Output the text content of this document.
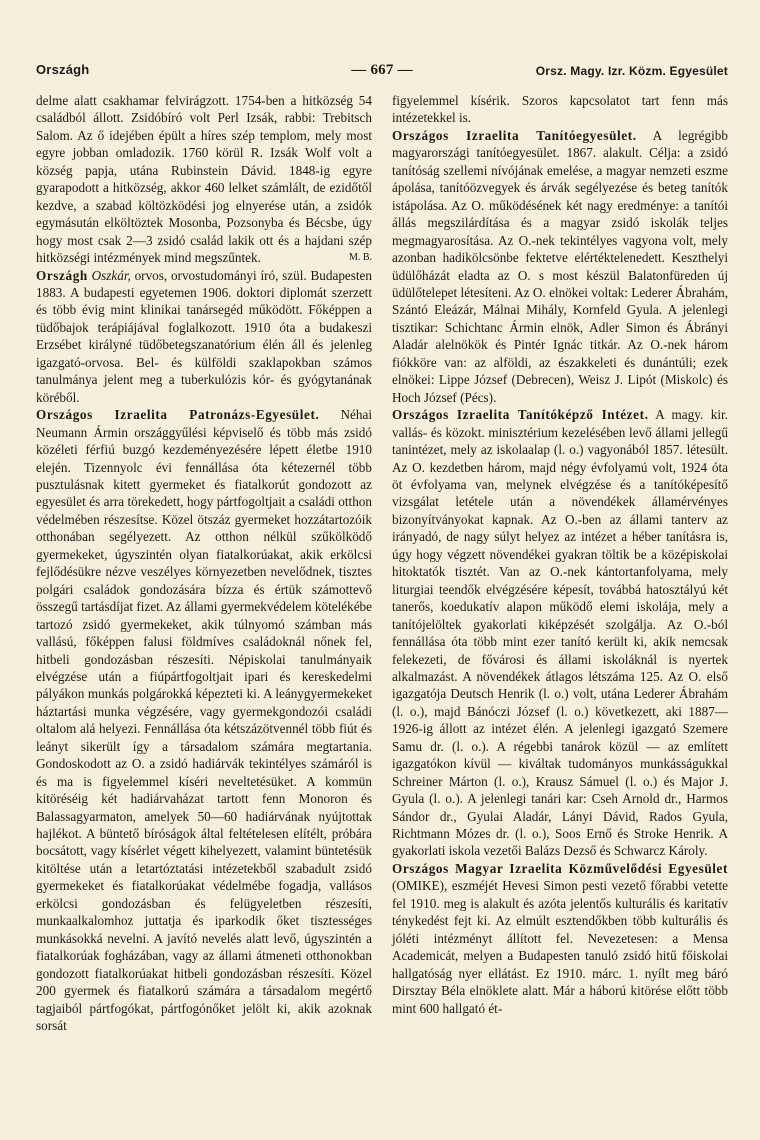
Országh	— 667 —	Orsz. Magy. Izr. Közm. Egyesület

delme alatt csakhamar felvirágzott. 1754-ben a hitközség 54 családból állott. Zsidóbíró volt Perl Izsák, rabbi: Trebitsch Salom. Az ő idejében épült a híres szép templom, mely most egyre jobban omladozik. 1760 körül R. Izsák Wolf volt a község papja, utána Rubinstein Dávid. 1848-ig egyre gyarapodott a hitközség, akkor 460 lelket számlált, de ezidőtől kezdve, a szabad költözködési jog elnyerése után, a zsidók egymásután elköltöztek Mosonba, Pozsonyba és Bécsbe, úgy hogy most csak 2—3 zsidó család lakik ott és a hajdani szép hitközségi intézmények mind megszűntek.	M. B.

Országh Oszkár, orvos, orvostudományi író, szül. Budapesten 1883. A budapesti egyetemen 1906. doktori diplomát szerzett és több évig mint klinikai tanársegéd működött. Főképpen a tüdőbajok terápiájával foglalkozott. 1910 óta a budakeszi Erzsébet királyné tüdőbetegszanatórium élén áll és jelenleg igazgató-orvosa. Bel- és külföldi szaklapokban számos tanulmánya jelent meg a tuberkulózis kór- és gyógytanának köréből.

Országos Izraelita Patronázs-Egyesület. Néhai Neumann Ármin országgyűlési képviselő és több más zsidó közéleti férfiú buzgó kezdeményezésére lépett életbe 1910 elején. Tizennyolc évi fennállása óta kétezernél több pusztulásnak kitett gyermeket és fiatalkorút gondozott az egyesület és arra törekedett, hogy pártfogoltjait a családi otthon védelmében részesítse. Közel ötszáz gyermeket hozzátartozóik otthonában segélyezett. Az otthon nélkül szűkölködő gyermekeket, úgyszintén olyan fiatalkorúakat, akik erkölcsi fejlődésükre nézve veszélyes környezetben nevelődnek, tisztes polgári családok gondozására bízza és értük számottevő összegű tartásdíjat fizet. Az állami gyermekvédelem kötelékébe tartozó zsidó gyermekeket, akik túlnyomó számban más vallású, főképpen falusi földmíves családoknál nőnek fel, hitbeli gondozásban részesíti. Népiskolai tanulmányaik elvégzése után a fiúpártfogoltjait ipari és kereskedelmi pályákon munkás polgárokká képezteti ki. A leánygyermekeket háztartási munka végzésére, vagy gyermekgondozói családi oltalom alá helyezi. Fennállása óta kétszázötvennél több fiút és leányt sikerült így a társadalom számára megtartania. Gondoskodott az O. a zsidó hadiárvák tekintélyes számáról is és ma is figyelemmel kíséri neveltetésüket. A kommün kitöréséig két hadiárvaházat tartott fenn Monoron és Balassagyarmaton, amelyek 50—60 hadiárvának nyújtottak hajlékot. A büntető bíróságok által feltételesen elítélt, próbára bocsátott, vagy kísérlet végett kihelyezett, valamint büntetésük kitöltése után a letartóztatási intézetekből szabadult zsidó gyermekeket és fiatalkorúakat védelmébe fogadja, vallásos erkölcsi gondozásban és felügyeletben részesíti, munkaalkalomhoz juttatja és iparkodik őket tisztességes munkásokká nevelni. A javító nevelés alatt levő, úgyszintén a fiatalkorúak fogházában, vagy az állami átmeneti otthonokban gondozott fiatalkorúakat hitbeli gondozásban részesíti. Közel 200 gyermek és fiatalkorú számára a társadalom megértő tagjaiból pártfogókat, pártfogónőket jelölt ki, akik azoknak sorsát

figyelemmel kísérik. Szoros kapcsolatot tart fenn más intézetekkel is.

Országos Izraelita Tanítóegyesület. A legrégibb magyarországi tanítóegyesület. 1867. alakult. Célja: a zsidó tanítóság szellemi nívójának emelése, a magyar nemzeti eszme ápolása, tanítóözvegyek és árvák segélyezése és beteg tanítók istápolása. Az O. működésének két nagy eredménye: a tanítói állás megszilárdítása és a magyar zsidó iskolák teljes megmagyarosítása. Az O.-nek tekintélyes vagyona volt, mely azonban hadikölcsönbe fektetve elértéktelenedett. Keszthelyi üdülőházát eladta az O. s most készül Balatonfüreden új üdülőtelepet létesíteni. Az O. elnökei voltak: Lederer Ábrahám, Szántó Eleázár, Málnai Mihály, Kornfeld Gyula. A jelenlegi tisztikar: Schichtanc Ármin elnök, Adler Simon és Ábrányi Aladár alelnökök és Pintér Ignác titkár. Az O.-nek három fiókköre van: az alföldi, az északkeleti és dunántúli; ezek elnökei: Lippe József (Debrecen), Weisz J. Lipót (Miskolc) és Hoch József (Pécs).

Országos Izraelita Tanítóképző Intézet. A magy. kir. vallás- és közokt. minisztérium kezelésében levő állami jellegű tanintézet, mely az iskolaalap (l. o.) vagyonából 1857. létesült. Az O. kezdetben három, majd négy évfolyamú volt, 1924 óta öt évfolyama van, melynek elvégzése és a tanítóképesítő vizsgálat letétele után a növendékek államérvényes bizonyítványokat kapnak. Az O.-ben az állami tanterv az irányadó, de nagy súlyt helyez az intézet a héber tanításra is, úgy hogy végzett növendékei gyakran töltik be a középiskolai hitoktatók tisztét. Van az O.-nek kántortanfolyama, mely liturgiai teendők elvégzésére képesít, továbbá hatosztályú két tanerős, koedukatív alapon működő elemi iskolája, mely a tanítójelöltek gyakorlati kiképzését szolgálja. Az O.-ból fennállása óta több mint ezer tanító került ki, akik nemcsak felekezeti, de fővárosi és állami iskoláknál is nyertek alkalmazást. A növendékek átlagos létszáma 125. Az O. első igazgatója Deutsch Henrik (l. o.) volt, utána Lederer Ábrahám (l. o.), majd Bánóczi József (l. o.) következett, aki 1887—1926-ig állott az intézet élén. A jelenlegi igazgató Szemere Samu dr. (l. o.). A régebbi tanárok közül — az említett igazgatókon kívül — kiváltak tudományos munkásságukkal Schreiner Márton (l. o.), Krausz Sámuel (l. o.) és Major J. Gyula (l. o.). A jelenlegi tanári kar: Cseh Arnold dr., Harmos Sándor dr., Gyulai Aladár, Lányi Dávid, Rados Gyula, Richtmann Mózes dr. (l. o.), Soos Ernő és Stroke Henrik. A gyakorlati iskola vezetői Balázs Dezső és Schwarcz Károly.

Országos Magyar Izraelita Közművelődési Egyesület (OMIKE), eszméjét Hevesi Simon pesti vezető főrabbi vetette fel 1910. meg is alakult és azóta jelentős kulturális és karitatív ténykedést fejt ki. Az elmúlt esztendőkben több kulturális és jóléti intézményt állított fel. Nevezetesen: a Mensa Academicát, melyen a Budapesten tanuló zsidó hitű főiskolai hallgatóság nyer ellátást. Ez 1910. márc. 1. nyílt meg báró Dirsztay Béla elnöklete alatt. Már a háború kitörése előtt több mint 600 hallgató ét-
